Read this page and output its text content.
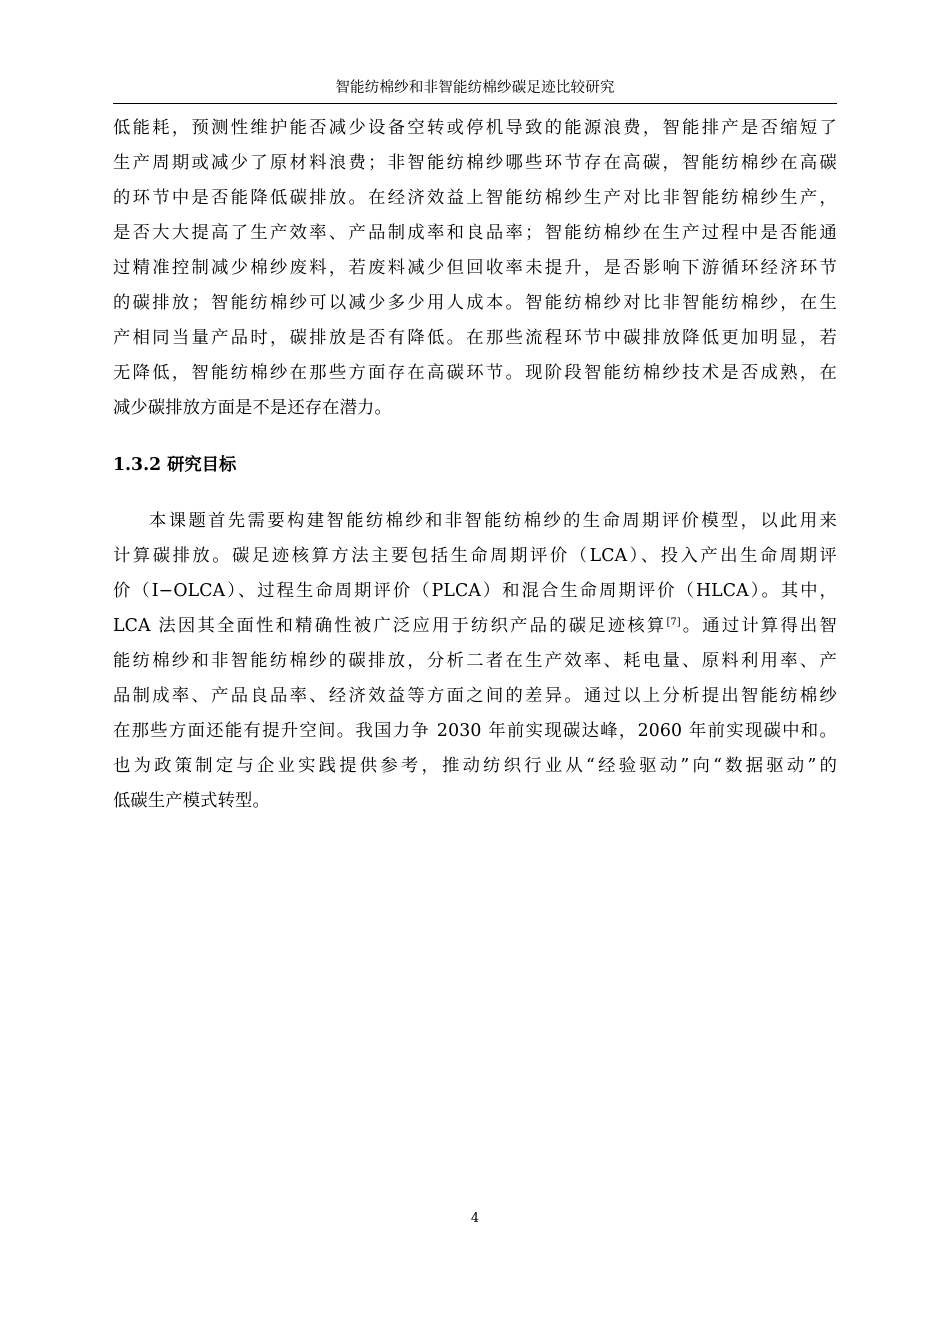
智能纺棉纱和非智能纺棉纱碳足迹比较研究
低能耗，预测性维护能否减少设备空转或停机导致的能源浪费，智能排产是否缩短了
生产周期或减少了原材料浪费；非智能纺棉纱哪些环节存在高碳，智能纺棉纱在高碳
的环节中是否能降低碳排放。在经济效益上智能纺棉纱生产对比非智能纺棉纱生产，
是否大大提高了生产效率、产品制成率和良品率；智能纺棉纱在生产过程中是否能通
过精准控制减少棉纱废料，若废料减少但回收率未提升，是否影响下游循环经济环节
的碳排放；智能纺棉纱可以减少多少用人成本。智能纺棉纱对比非智能纺棉纱，在生
产相同当量产品时，碳排放是否有降低。在那些流程环节中碳排放降低更加明显，若
无降低，智能纺棉纱在那些方面存在高碳环节。现阶段智能纺棉纱技术是否成熟，在
减少碳排放方面是不是还存在潜力。
1.3.2 研究目标
本课题首先需要构建智能纺棉纱和非智能纺棉纱的生命周期评价模型，以此用来
计算碳排放。碳足迹核算方法主要包括生命周期评价（LCA）、投入产出生命周期评
价（I−OLCA）、过程生命周期评价（PLCA）和混合生命周期评价（HLCA）。其中，
LCA 法因其全面性和精确性被广泛应用于纺织产品的碳足迹核算[7]。通过计算得出智
能纺棉纱和非智能纺棉纱的碳排放，分析二者在生产效率、耗电量、原料利用率、产
品制成率、产品良品率、经济效益等方面之间的差异。通过以上分析提出智能纺棉纱
在那些方面还能有提升空间。我国力争 2030 年前实现碳达峰，2060 年前实现碳中和。
也为政策制定与企业实践提供参考，推动纺织行业从“经验驱动”向“数据驱动”的
低碳生产模式转型。
4
